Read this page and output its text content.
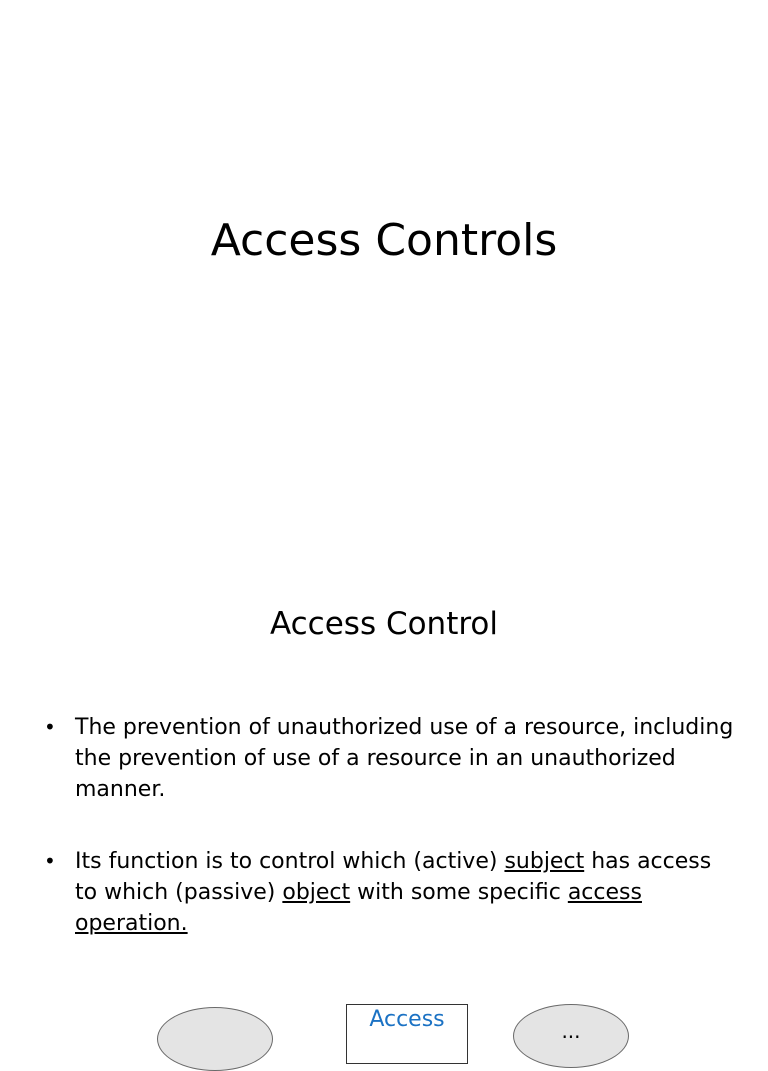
Access Controls
Access Control
• The prevention of unauthorized use of a resource, including the prevention of use of a resource in an unauthorized manner.
• Its function is to control which (active) subject has access to which (passive) object with some specific access operation.
Access	...
